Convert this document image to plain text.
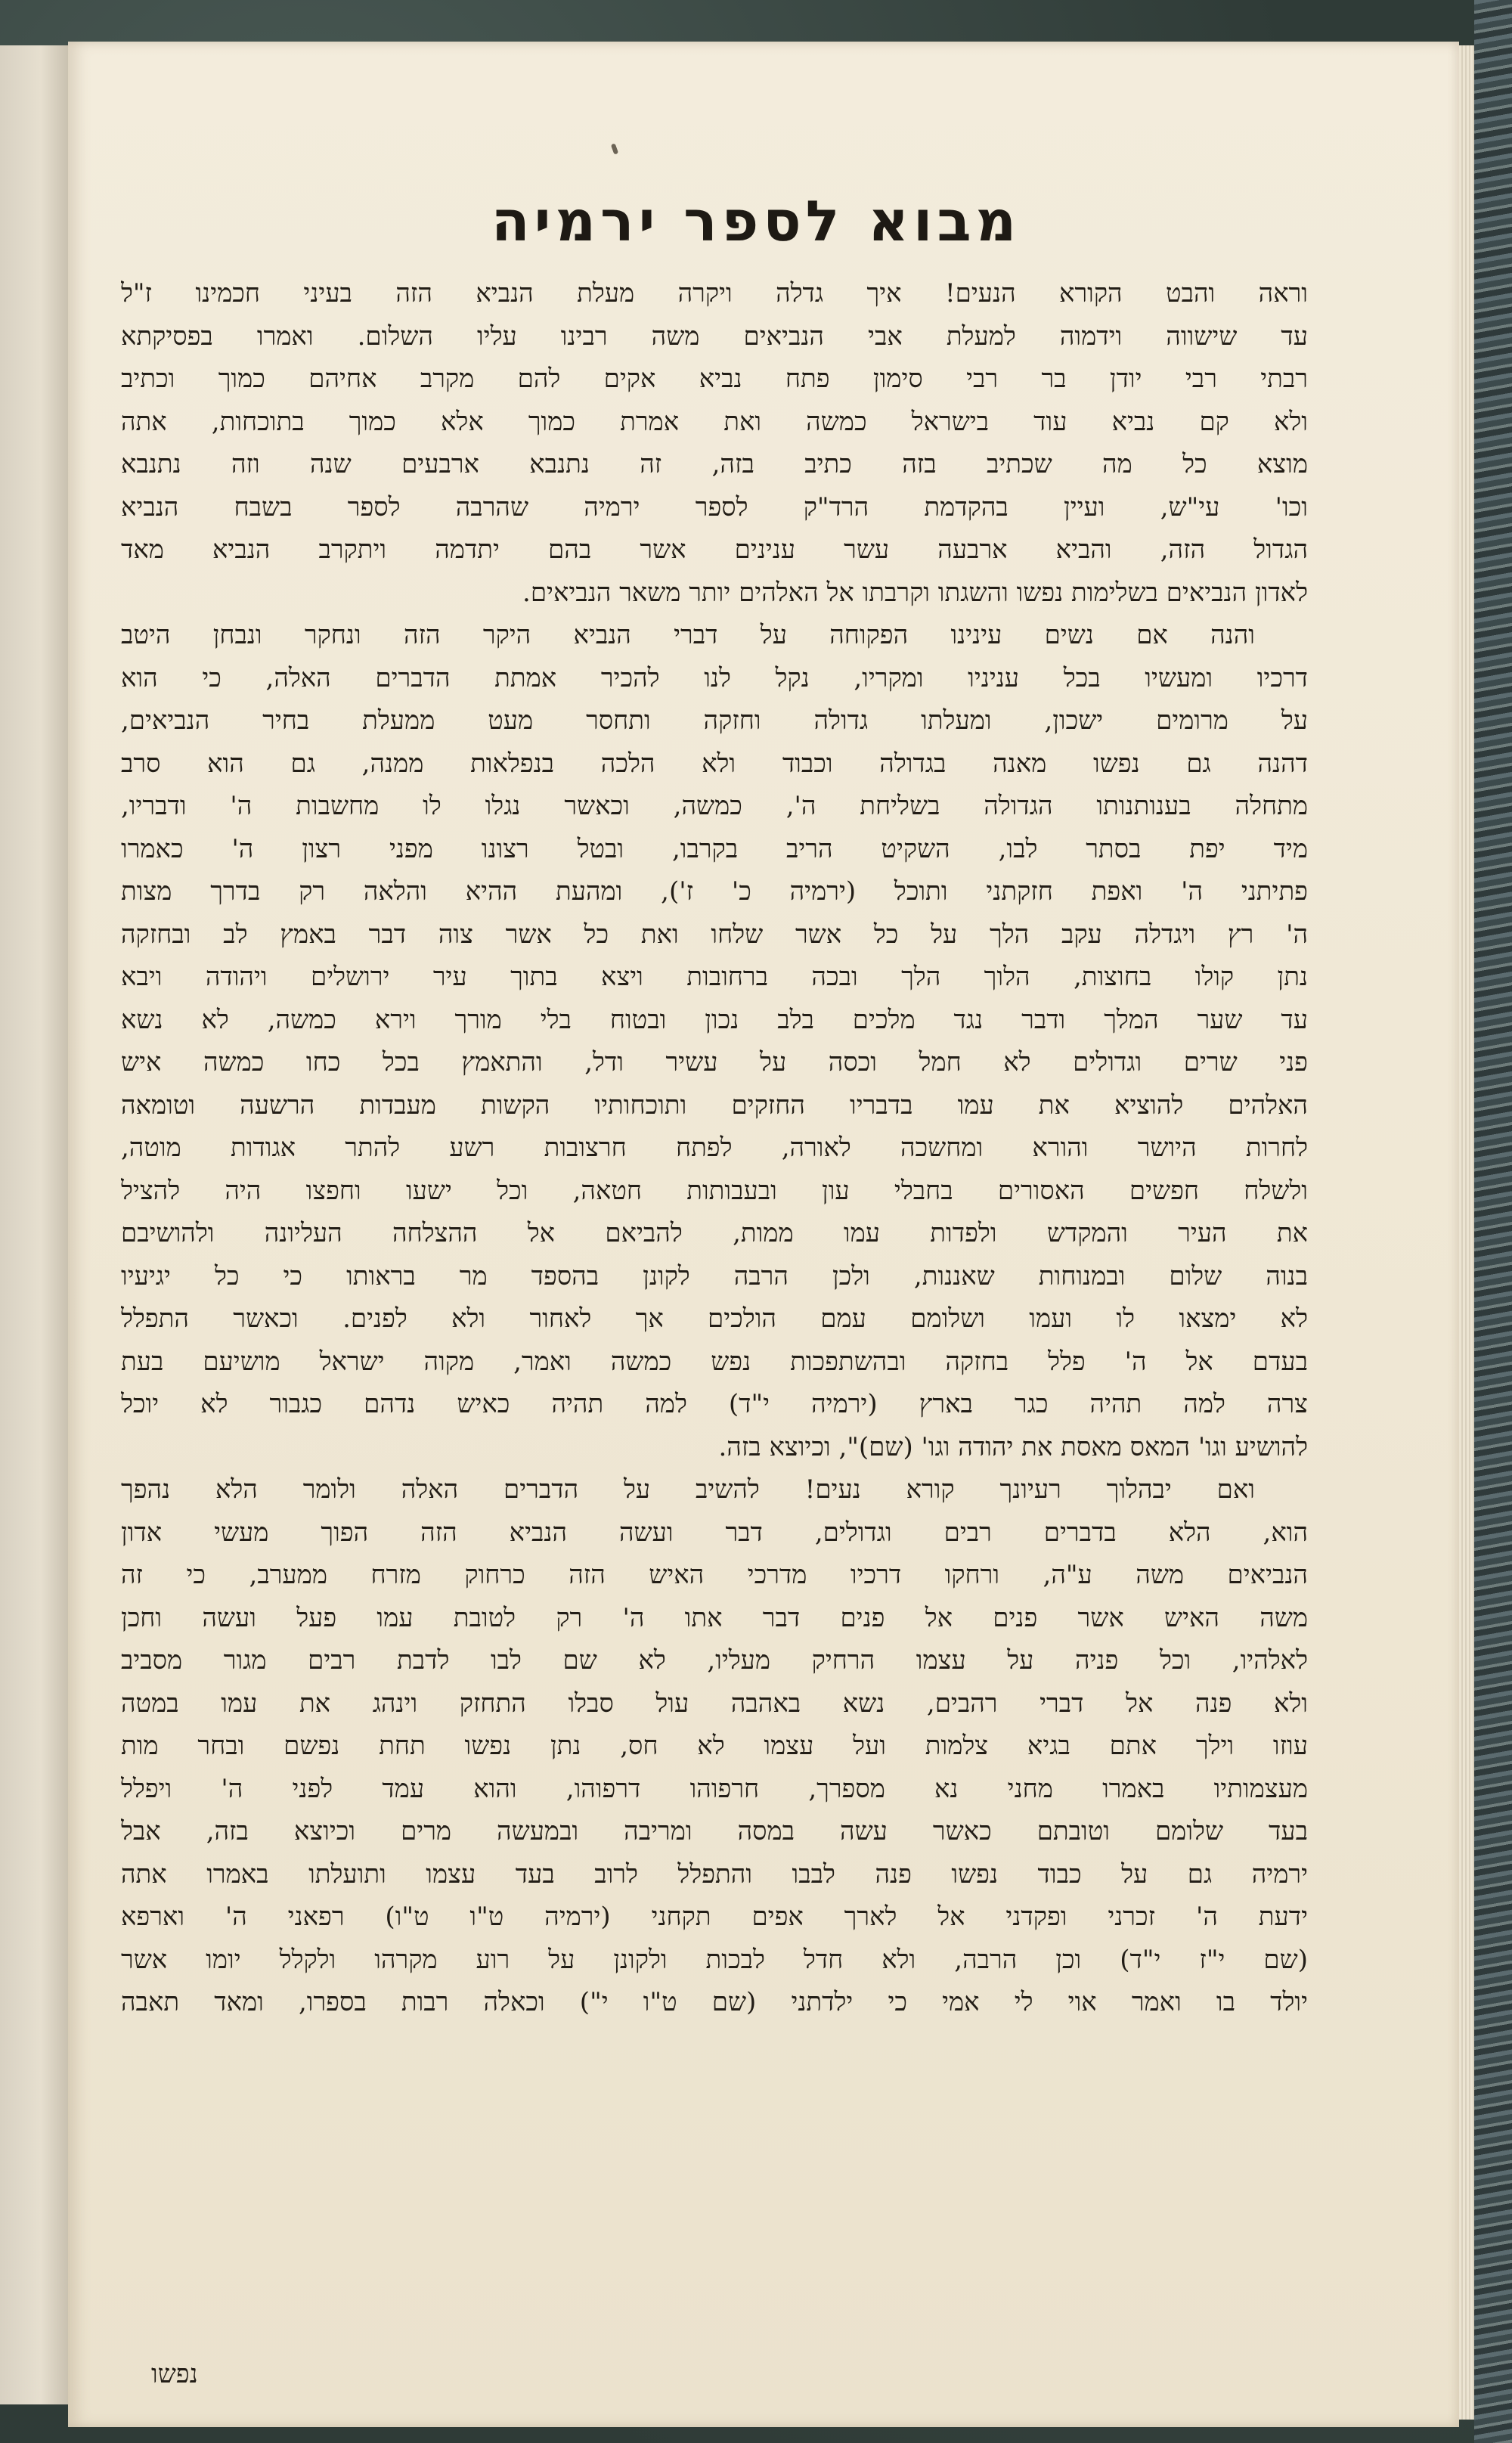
מבוא לספר ירמיה
וראה והבט הקורא הנעים! איך גדלה ויקרה מעלת הנביא הזה בעיני חכמינו ז"ל
עד שישווה וידמוה למעלת אבי הנביאים משה רבינו עליו השלום. ואמרו בפסיקתא
רבתי רבי יודן בר רבי סימון פתח נביא אקים להם מקרב אחיהם כמוך וכתיב
ולא קם נביא עוד בישראל כמשה ואת אמרת כמוך אלא כמוך בתוכחות, אתה
מוצא כל מה שכתיב בזה כתיב בזה, זה נתנבא ארבעים שנה וזה נתנבא
וכו' עי"ש, ועיין בהקדמת הרד"ק לספר ירמיה שהרבה לספר בשבח הנביא
הגדול הזה, והביא ארבעה עשר ענינים אשר בהם יתדמה ויתקרב הנביא מאד
לאדון הנביאים בשלימות נפשו והשגתו וקרבתו אל האלהים יותר משאר הנביאים.
והנה אם נשים עינינו הפקוחה על דברי הנביא היקר הזה ונחקר ונבחן היטב
דרכיו ומעשיו בכל עניניו ומקריו, נקל לנו להכיר אמתת הדברים האלה, כי הוא
על מרומים ישכון, ומעלתו גדולה וחזקה ותחסר מעט ממעלת בחיר הנביאים,
דהנה גם נפשו מאנה בגדולה וכבוד ולא הלכה בנפלאות ממנה, גם הוא סרב
מתחלה בענותנותו הגדולה בשליחת ה', כמשה, וכאשר נגלו לו מחשבות ה' ודבריו,
מיד יפת בסתר לבו, השקיט הריב בקרבו, ובטל רצונו מפני רצון ה' כאמרו
פתיתני ה' ואפת חזקתני ותוכל (ירמיה כ' ז'), ומהעת ההיא והלאה רק בדרך מצות
ה' רץ ויגדלה עקב הלך על כל אשר שלחו ואת כל אשר צוה דבר באמץ לב ובחזקה
נתן קולו בחוצות, הלוך הלך ובכה ברחובות ויצא בתוך עיר ירושלים ויהודה ויבא
עד שער המלך ודבר נגד מלכים בלב נכון ובטוח בלי מורך וירא כמשה, לא נשא
פני שרים וגדולים לא חמל וכסה על עשיר ודל, והתאמץ בכל כחו כמשה איש
האלהים להוציא את עמו בדבריו החזקים ותוכחותיו הקשות מעבדות הרשעה וטומאה
לחרות היושר והורא ומחשכה לאורה, לפתח חרצובות רשע להתר אגודות מוטה,
ולשלח חפשים האסורים בחבלי עון ובעבותות חטאה, וכל ישעו וחפצו היה להציל
את העיר והמקדש ולפדות עמו ממות, להביאם אל ההצלחה העליונה ולהושיבם
בנוה שלום ובמנוחות שאננות, ולכן הרבה לקונן בהספד מר בראותו כי כל יגיעיו
לא ימצאו לו ועמו ושלומם עמם הולכים אך לאחור ולא לפנים. וכאשר התפלל
בעדם אל ה' פלל בחזקה ובהשתפכות נפש כמשה ואמר, מקוה ישראל מושיעם בעת
צרה למה תהיה כגר בארץ (ירמיה י"ד) למה תהיה כאיש נדהם כגבור לא יוכל
להושיע וגו' המאס מאסת את יהודה וגו' (שם)", וכיוצא בזה.
ואם יבהלוך רעיונך קורא נעים! להשיב על הדברים האלה ולומר הלא נהפך
הוא, הלא בדברים רבים וגדולים, דבר ועשה הנביא הזה הפוך מעשי אדון
הנביאים משה ע"ה, ורחקו דרכיו מדרכי האיש הזה כרחוק מזרח ממערב, כי זה
משה האיש אשר פנים אל פנים דבר אתו ה' רק לטובת עמו פעל ועשה וחכן
לאלהיו, וכל פניה על עצמו הרחיק מעליו, לא שם לבו לדבת רבים מגור מסביב
ולא פנה אל דברי רהבים, נשא באהבה עול סבלו התחזק וינהג את עמו במטה
עוזו וילך אתם בגיא צלמות ועל עצמו לא חס, נתן נפשו תחת נפשם ובחר מות
מעצמותיו באמרו מחני נא מספרך, חרפוהו דרפוהו, והוא עמד לפני ה' ויפלל
בעד שלומם וטובתם כאשר עשה במסה ומריבה ובמעשה מרים וכיוצא בזה, אבל
ירמיה גם על כבוד נפשו פנה לבבו והתפלל לרוב בעד עצמו ותועלתו באמרו אתה
ידעת ה' זכרני ופקדני אל לארך אפים תקחני (ירמיה ט"ו ט"ו) רפאני ה' וארפא
(שם י"ז י"ד) וכן הרבה, ולא חדל לבכות ולקונן על רוע מקרהו ולקלל יומו אשר
יולד בו ואמר אוי לי אמי כי ילדתני (שם ט"ו י") וכאלה רבות בספרו, ומאד תאבה
נפשו
